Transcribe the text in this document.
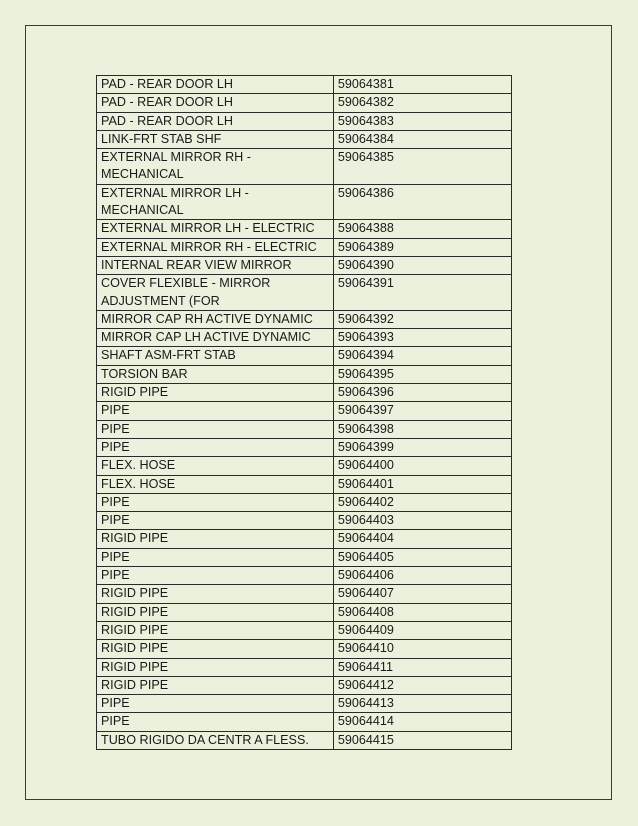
PAD - REAR DOOR LH	59064381
PAD - REAR DOOR LH	59064382
PAD - REAR DOOR LH	59064383
LINK-FRT STAB SHF	59064384
EXTERNAL MIRROR RH - MECHANICAL	59064385
EXTERNAL MIRROR LH - MECHANICAL	59064386
EXTERNAL MIRROR LH - ELECTRIC	59064388
EXTERNAL MIRROR RH - ELECTRIC	59064389
INTERNAL REAR VIEW MIRROR	59064390
COVER FLEXIBLE - MIRROR ADJUSTMENT (FOR	59064391
MIRROR CAP RH ACTIVE DYNAMIC	59064392
MIRROR CAP LH ACTIVE DYNAMIC	59064393
SHAFT ASM-FRT STAB	59064394
TORSION BAR	59064395
RIGID PIPE	59064396
PIPE	59064397
PIPE	59064398
PIPE	59064399
FLEX. HOSE	59064400
FLEX. HOSE	59064401
PIPE	59064402
PIPE	59064403
RIGID PIPE	59064404
PIPE	59064405
PIPE	59064406
RIGID PIPE	59064407
RIGID PIPE	59064408
RIGID PIPE	59064409
RIGID PIPE	59064410
RIGID PIPE	59064411
RIGID PIPE	59064412
PIPE	59064413
PIPE	59064414
TUBO RIGIDO DA CENTR A FLESS.	59064415
